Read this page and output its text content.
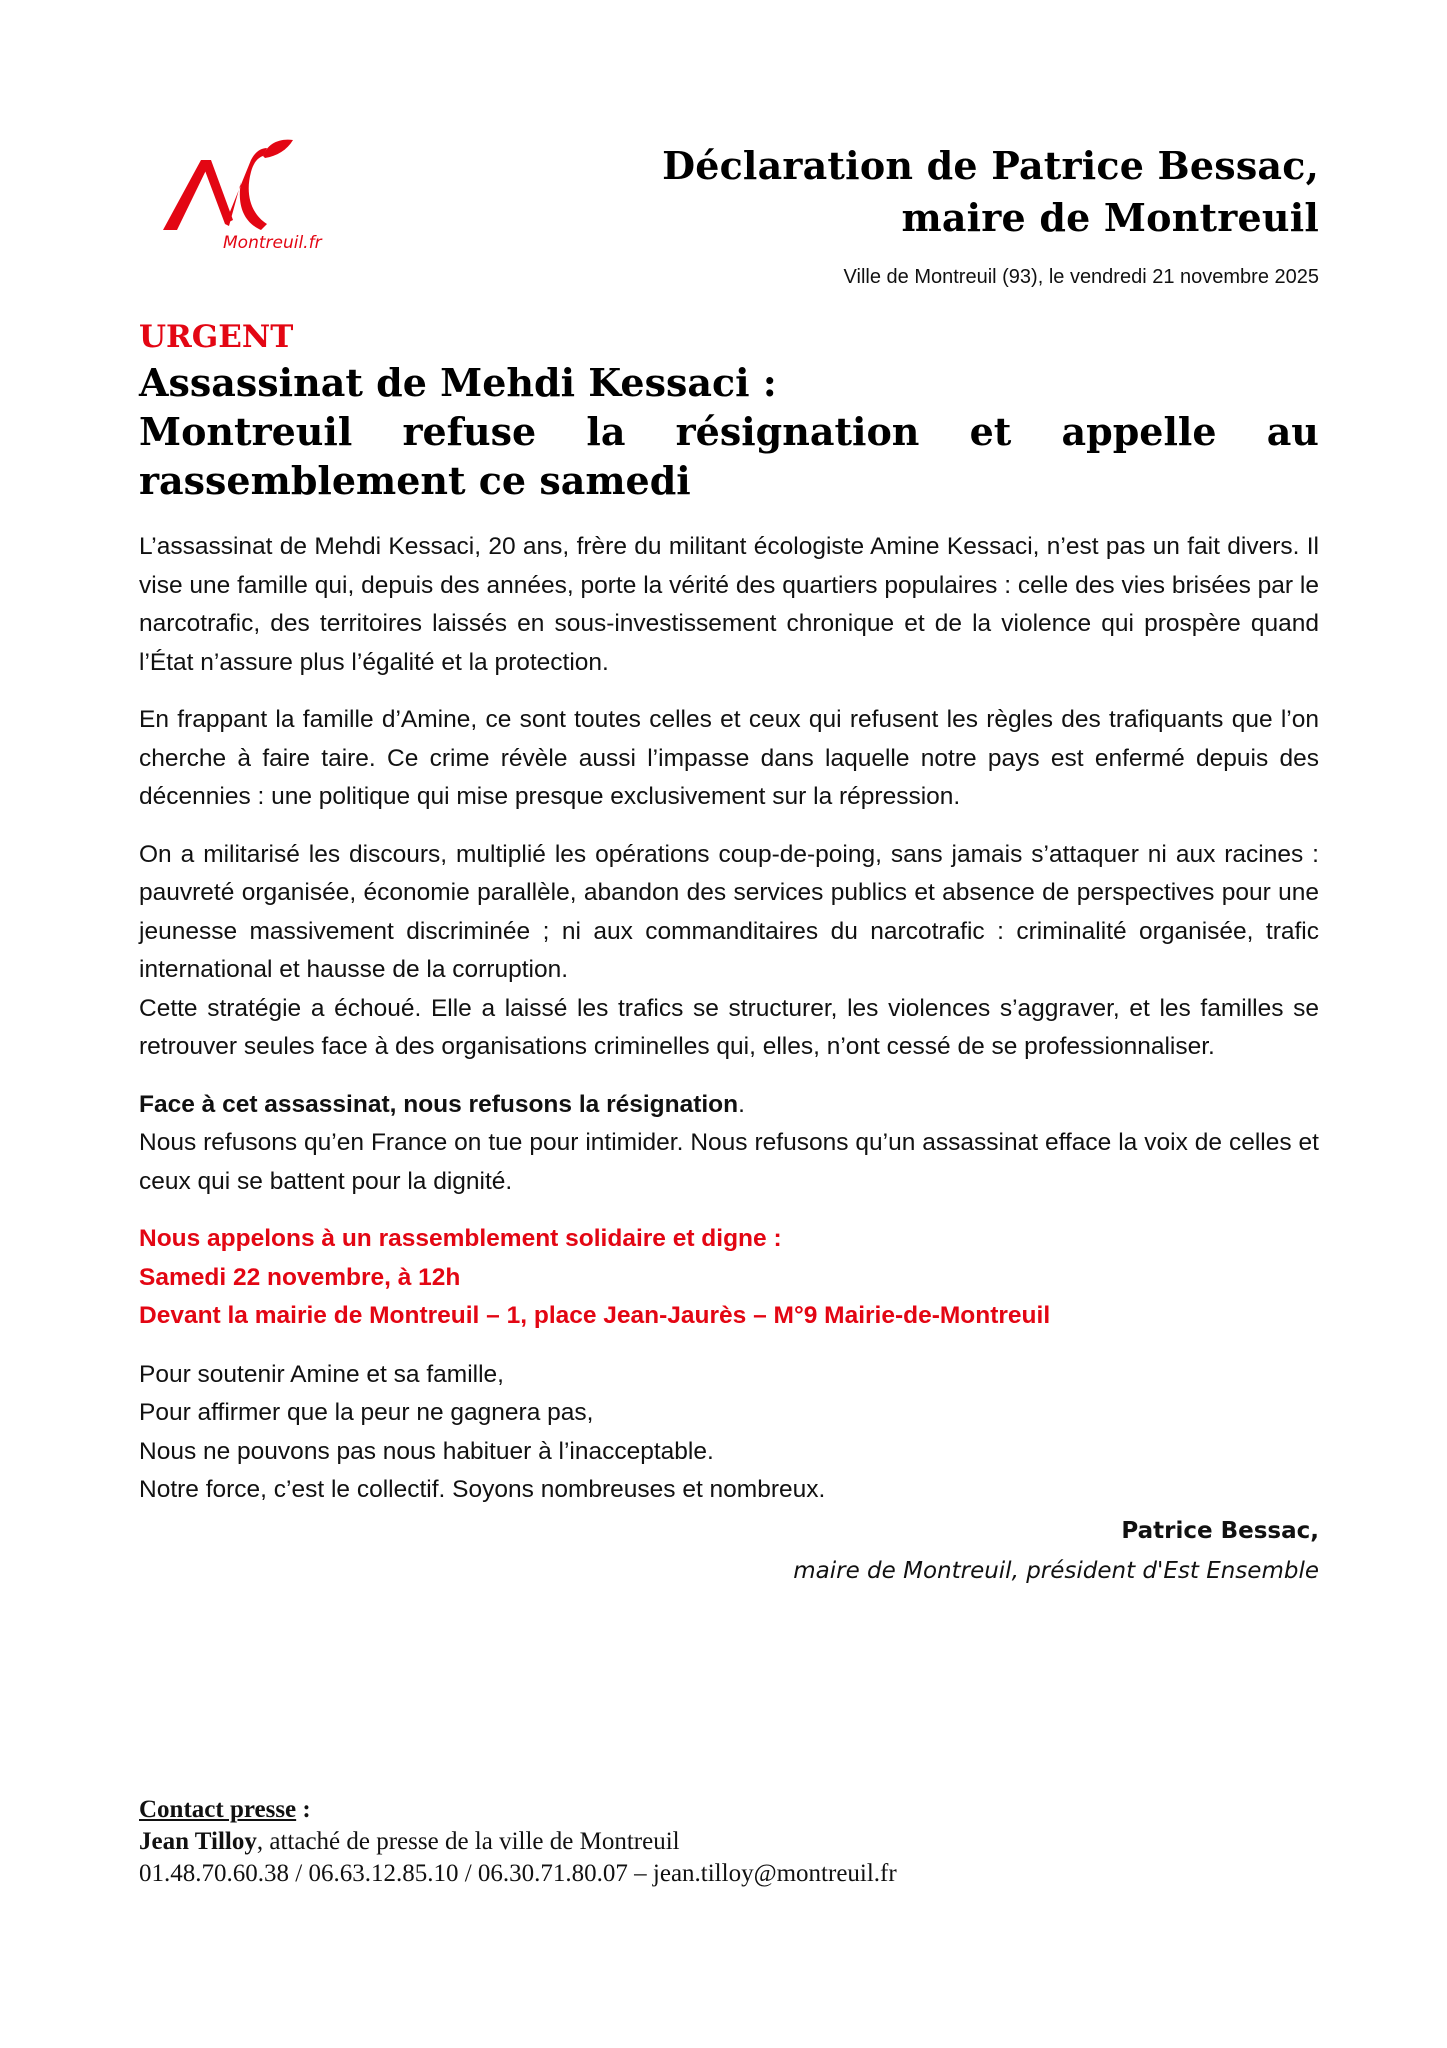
Montreuil.fr
Déclaration de Patrice Bessac,
maire de Montreuil
Ville de Montreuil (93), le vendredi 21 novembre 2025
URGENT
Assassinat de Mehdi Kessaci :
Montreuil refuse la résignation et appelle au
rassemblement ce samedi

L’assassinat de Mehdi Kessaci, 20 ans, frère du militant écologiste Amine Kessaci, n’est pas un fait divers. Il vise une famille qui, depuis des années, porte la vérité des quartiers populaires : celle des vies brisées par le narcotrafic, des territoires laissés en sous-investissement chronique et de la violence qui prospère quand l’État n’assure plus l’égalité et la protection.

En frappant la famille d’Amine, ce sont toutes celles et ceux qui refusent les règles des trafiquants que l’on cherche à faire taire. Ce crime révèle aussi l’impasse dans laquelle notre pays est enfermé depuis des décennies : une politique qui mise presque exclusivement sur la répression.

On a militarisé les discours, multiplié les opérations coup-de-poing, sans jamais s’attaquer ni aux racines : pauvreté organisée, économie parallèle, abandon des services publics et absence de perspectives pour une jeunesse massivement discriminée ; ni aux commanditaires du narcotrafic : criminalité organisée, trafic international et hausse de la corruption.

Cette stratégie a échoué. Elle a laissé les trafics se structurer, les violences s’aggraver, et les familles se retrouver seules face à des organisations criminelles qui, elles, n’ont cessé de se professionnaliser.

Face à cet assassinat, nous refusons la résignation.
Nous refusons qu’en France on tue pour intimider. Nous refusons qu’un assassinat efface la voix de celles et ceux qui se battent pour la dignité.

Nous appelons à un rassemblement solidaire et digne :
Samedi 22 novembre, à 12h
Devant la mairie de Montreuil – 1, place Jean-Jaurès – M°9 Mairie-de-Montreuil
Pour soutenir Amine et sa famille,
Pour affirmer que la peur ne gagnera pas,
Nous ne pouvons pas nous habituer à l’inacceptable.
Notre force, c’est le collectif. Soyons nombreuses et nombreux.
Patrice Bessac,
maire de Montreuil, président d'Est Ensemble
Contact presse :
Jean Tilloy, attaché de presse de la ville de Montreuil
01.48.70.60.38 / 06.63.12.85.10 / 06.30.71.80.07 – jean.tilloy@montreuil.fr
